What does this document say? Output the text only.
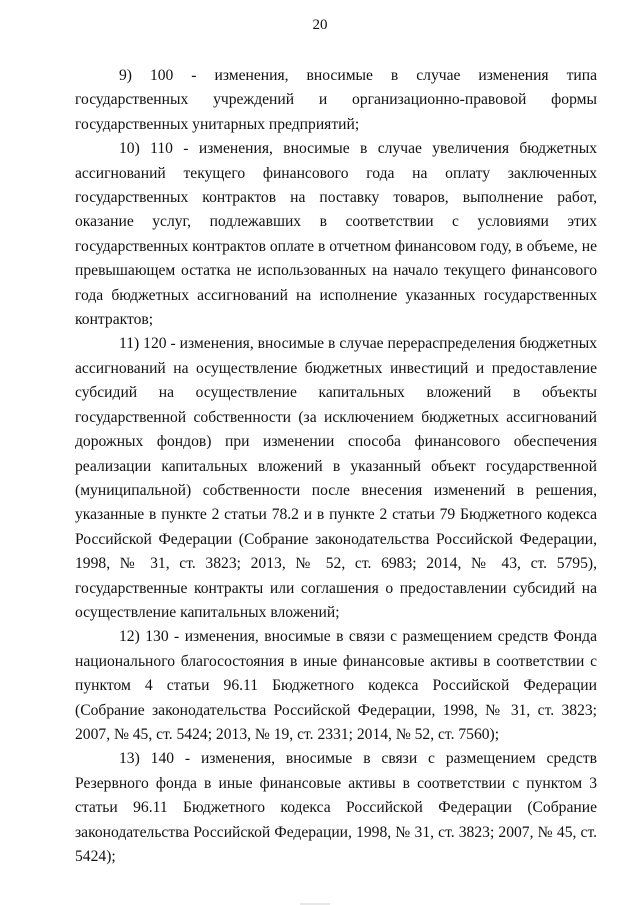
20

9) 100 - изменения, вносимые в случае изменения типа государственных учреждений и организационно-правовой формы государственных унитарных предприятий;

10) 110 - изменения, вносимые в случае увеличения бюджетных ассигнований текущего финансового года на оплату заключенных государственных контрактов на поставку товаров, выполнение работ, оказание услуг, подлежавших в соответствии с условиями этих государственных контрактов оплате в отчетном финансовом году, в объеме, не превышающем остатка не использованных на начало текущего финансового года бюджетных ассигнований на исполнение указанных государственных контрактов;

11) 120 - изменения, вносимые в случае перераспределения бюджетных ассигнований на осуществление бюджетных инвестиций и предоставление субсидий на осуществление капитальных вложений в объекты государственной собственности (за исключением бюджетных ассигнований дорожных фондов) при изменении способа финансового обеспечения реализации капитальных вложений в указанный объект государственной (муниципальной) собственности после внесения изменений в решения, указанные в пункте 2 статьи 78.2 и в пункте 2 статьи 79 Бюджетного кодекса Российской Федерации (Собрание законодательства Российской Федерации, 1998, № 31, ст. 3823; 2013, № 52, ст. 6983; 2014, № 43, ст. 5795), государственные контракты или соглашения о предоставлении субсидий на осуществление капитальных вложений;

12) 130 - изменения, вносимые в связи с размещением средств Фонда национального благосостояния в иные финансовые активы в соответствии с пунктом 4 статьи 96.11 Бюджетного кодекса Российской Федерации (Собрание законодательства Российской Федерации, 1998, № 31, ст. 3823; 2007, № 45, ст. 5424; 2013, № 19, ст. 2331; 2014, № 52, ст. 7560);

13) 140 - изменения, вносимые в связи с размещением средств Резервного фонда в иные финансовые активы в соответствии с пунктом 3 статьи 96.11 Бюджетного кодекса Российской Федерации (Собрание законодательства Российской Федерации, 1998, № 31, ст. 3823; 2007, № 45, ст. 5424);
